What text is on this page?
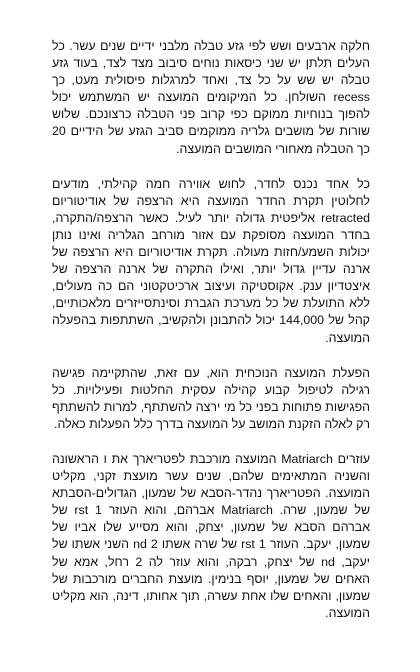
חלקה ארבעים ושש לפי גזע טבלה מלבני ידיים שנים עשר. כל העלים תלתן יש שני כיסאות נוחים סיבוב מצד לצד, בעוד גזע טבלה יש שש על כל צד, ואחד למרגלות פיסולית מעט, כך recess השולחן. כל המיקומים המועצה יש המשתמש יכול להפוך בנוחיות ממוקם כפי קרוב פני הטבלה כרצונכם. שלוש שורות של מושבים גלריה ממוקמים סביב הגזע של הידיים 20 כך הטבלה מאחורי המושבים המועצה.

כל אחד נכנס לחדר, לחוש אווירה חמה קהילתי, מודעים לחלוטין תקרת החדר המועצה היא הרצפה של אודיטוריום retracted אליפטית גדולה יותר לעיל. כאשר הרצפה/התקרה, בחדר המועצה מסופקת עם אזור מורחב הגלריה ואינו נותן יכולות השמע/חזות מעולה. תקרת אודיטוריום היא הרצפה של ארנה עדיין גדול יותר, ואילו התקרה של ארנה הרצפה של איצטדיון ענק. אקוסטיקה ועיצוב ארכיטקטוני הם כה מעולים, ללא התועלת של כל מערכת הגברת וסינתסייזרים מלאכותיים, קהל של 144,000 יכול להתבונן ולהקשיב, השתתפות בהפעלה המועצה.

הפעלת המועצה הנוכחית הוא, עם זאת, שהתקיימה פגישה רגילה לטיפול קבוע קהילה עסקית החלטות ופעילויות. כל הפגישות פתוחות בפני כל מי ירצה להשתתף, למרות להשתתף רק לאלה הזקנת המושב על המועצה בדרך כלל הפעלות כאלה.

עוזרים Matriarch המועצה מורכבת לפטריארך את ו הראשונה והשניה המתאימים שלהם, שנים עשר מועצת זקני, מקליט המועצה. הפטריארך נהדר-הסבא של שמעון, הגדולים-הסבתא של שמעון, שרה. Matriarch אברהם, והוא העוזר rst 1 של אברהם הסבא של שמעון, יצחק, והוא מסייע שלו אביו של שמעון, יעקב. העוזר rst 1 של שרה אשתו nd 2 השני אשתו של יעקב, nd של יצחק, רבקה, והוא עוזר לה 2 רחל, אמא של האחים של שמעון, יוסף בנימין. מועצת החברים מורכבות של שמעון, והאחים שלו אחת עשרה, תוך אחותו, דינה, הוא מקליט המועצה.
